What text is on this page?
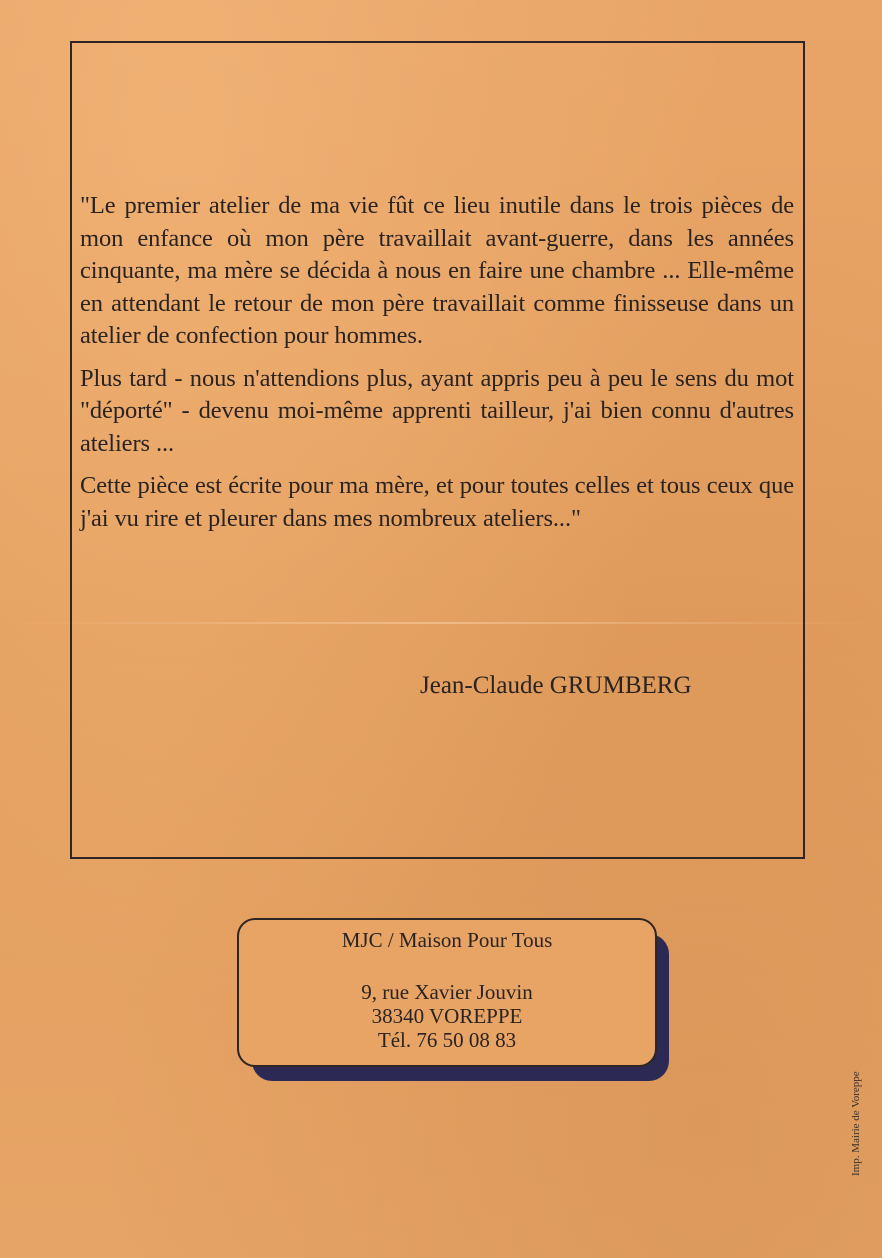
"Le premier atelier de ma vie fût ce lieu inutile dans le trois pièces de mon enfance où mon père travaillait avant-guerre, dans les années cinquante, ma mère se décida à nous en faire une chambre ... Elle-même en attendant le retour de mon père travaillait comme finisseuse dans un atelier de confection pour hommes.

Plus tard - nous n'attendions plus, ayant appris peu à peu le sens du mot "déporté" - devenu moi-même apprenti tailleur, j'ai bien connu d'autres ateliers ...

Cette pièce est écrite pour ma mère, et pour toutes celles et tous ceux que j'ai vu rire et pleurer dans mes nombreux ateliers..."

Jean-Claude GRUMBERG
MJC / Maison Pour Tous
9, rue Xavier Jouvin
38340 VOREPPE
Tél. 76 50 08 83
Imp. Mairie de Voreppe
